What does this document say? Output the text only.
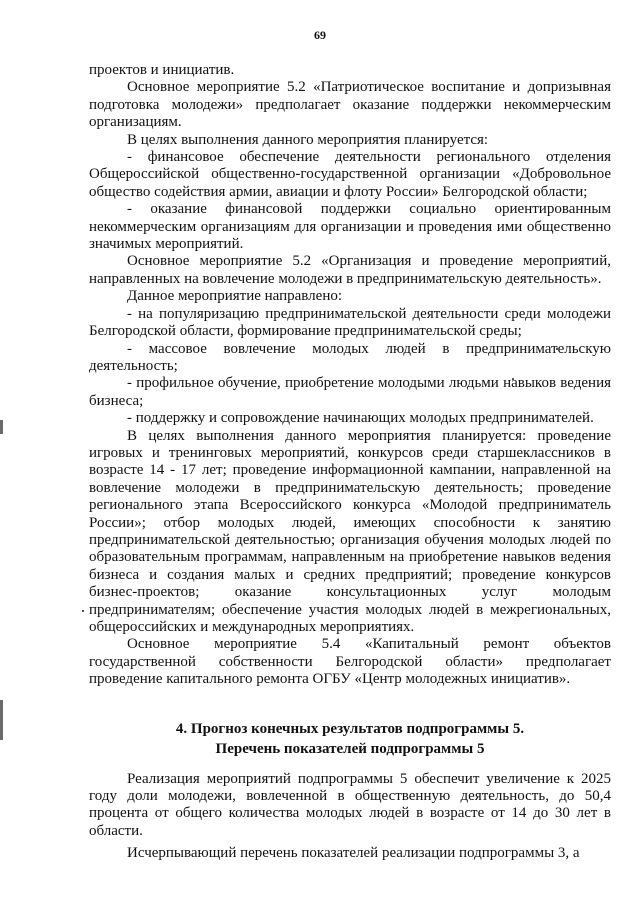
69

проектов и инициатив.

Основное мероприятие 5.2 «Патриотическое воспитание и допризывная подготовка молодежи» предполагает оказание поддержки некоммерческим организациям.

В целях выполнения данного мероприятия планируется:

- финансовое обеспечение деятельности регионального отделения Общероссийской общественно-государственной организации «Добровольное общество содействия армии, авиации и флоту России» Белгородской области;

- оказание финансовой поддержки социально ориентированным некоммерческим организациям для организации и проведения ими общественно значимых мероприятий.

Основное мероприятие 5.2 «Организация и проведение мероприятий, направленных на вовлечение молодежи в предпринимательскую деятельность».

Данное мероприятие направлено:

- на популяризацию предпринимательской деятельности среди молодежи Белгородской области, формирование предпринимательской среды;

- массовое вовлечение молодых людей в предпринимательскую деятельность;

- профильное обучение, приобретение молодыми людьми навыков ведения бизнеса;

- поддержку и сопровождение начинающих молодых предпринимателей.

В целях выполнения данного мероприятия планируется: проведение игровых и тренинговых мероприятий, конкурсов среди старшеклассников в возрасте 14 - 17 лет; проведение информационной кампании, направленной на вовлечение молодежи в предпринимательскую деятельность; проведение регионального этапа Всероссийского конкурса «Молодой предприниматель России»; отбор молодых людей, имеющих способности к занятию предпринимательской деятельностью; организация обучения молодых людей по образовательным программам, направленным на приобретение навыков ведения бизнеса и создания малых и средних предприятий; проведение конкурсов бизнес-проектов; оказание консультационных услуг молодым предпринимателям; обеспечение участия молодых людей в межрегиональных, общероссийских и международных мероприятиях.

Основное мероприятие 5.4 «Капитальный ремонт объектов государственной собственности Белгородской области» предполагает проведение капитального ремонта ОГБУ «Центр молодежных инициатив».

4. Прогноз конечных результатов подпрограммы 5.
Перечень показателей подпрограммы 5

Реализация мероприятий подпрограммы 5 обеспечит увеличение к 2025 году доли молодежи, вовлеченной в общественную деятельность, до 50,4 процента от общего количества молодых людей в возрасте от 14 до 30 лет в области.

Исчерпывающий перечень показателей реализации подпрограммы 3, а
